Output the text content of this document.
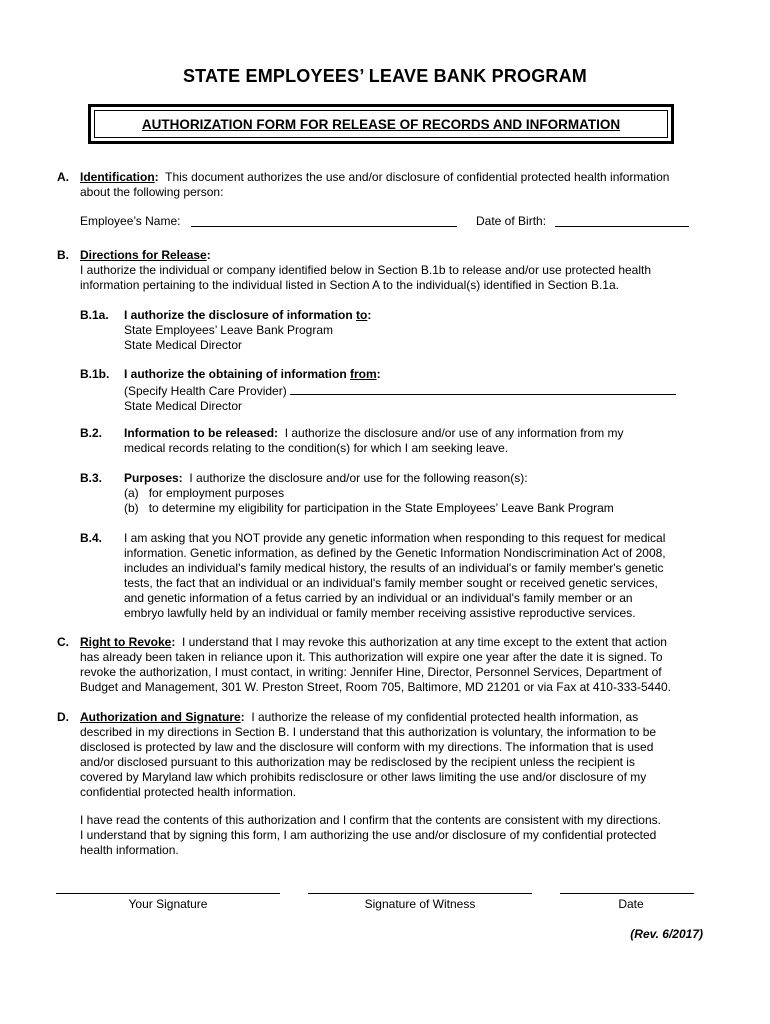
STATE EMPLOYEES’ LEAVE BANK PROGRAM
AUTHORIZATION FORM FOR RELEASE OF RECORDS AND INFORMATION
A. Identification: This document authorizes the use and/or disclosure of confidential protected health information
about the following person:
Employee’s Name:	Date of Birth:
B. Directions for Release:
I authorize the individual or company identified below in Section B.1b to release and/or use protected health
information pertaining to the individual listed in Section A to the individual(s) identified in Section B.1a.
B.1a. I authorize the disclosure of information to:
State Employees’ Leave Bank Program
State Medical Director
B.1b. I authorize the obtaining of information from:
(Specify Health Care Provider)
State Medical Director
B.2. Information to be released: I authorize the disclosure and/or use of any information from my
medical records relating to the condition(s) for which I am seeking leave.
B.3. Purposes: I authorize the disclosure and/or use for the following reason(s):
(a) for employment purposes
(b) to determine my eligibility for participation in the State Employees’ Leave Bank Program
B.4. I am asking that you NOT provide any genetic information when responding to this request for medical
information. Genetic information, as defined by the Genetic Information Nondiscrimination Act of 2008,
includes an individual's family medical history, the results of an individual's or family member's genetic
tests, the fact that an individual or an individual's family member sought or received genetic services,
and genetic information of a fetus carried by an individual or an individual's family member or an
embryo lawfully held by an individual or family member receiving assistive reproductive services.
C. Right to Revoke: I understand that I may revoke this authorization at any time except to the extent that action
has already been taken in reliance upon it. This authorization will expire one year after the date it is signed. To
revoke the authorization, I must contact, in writing: Jennifer Hine, Director, Personnel Services, Department of
Budget and Management, 301 W. Preston Street, Room 705, Baltimore, MD 21201 or via Fax at 410-333-5440.
D. Authorization and Signature: I authorize the release of my confidential protected health information, as
described in my directions in Section B. I understand that this authorization is voluntary, the information to be
disclosed is protected by law and the disclosure will conform with my directions. The information that is used
and/or disclosed pursuant to this authorization may be redisclosed by the recipient unless the recipient is
covered by Maryland law which prohibits redisclosure or other laws limiting the use and/or disclosure of my
confidential protected health information.
I have read the contents of this authorization and I confirm that the contents are consistent with my directions.
I understand that by signing this form, I am authorizing the use and/or disclosure of my confidential protected
health information.
Your Signature	Signature of Witness	Date
(Rev. 6/2017)
